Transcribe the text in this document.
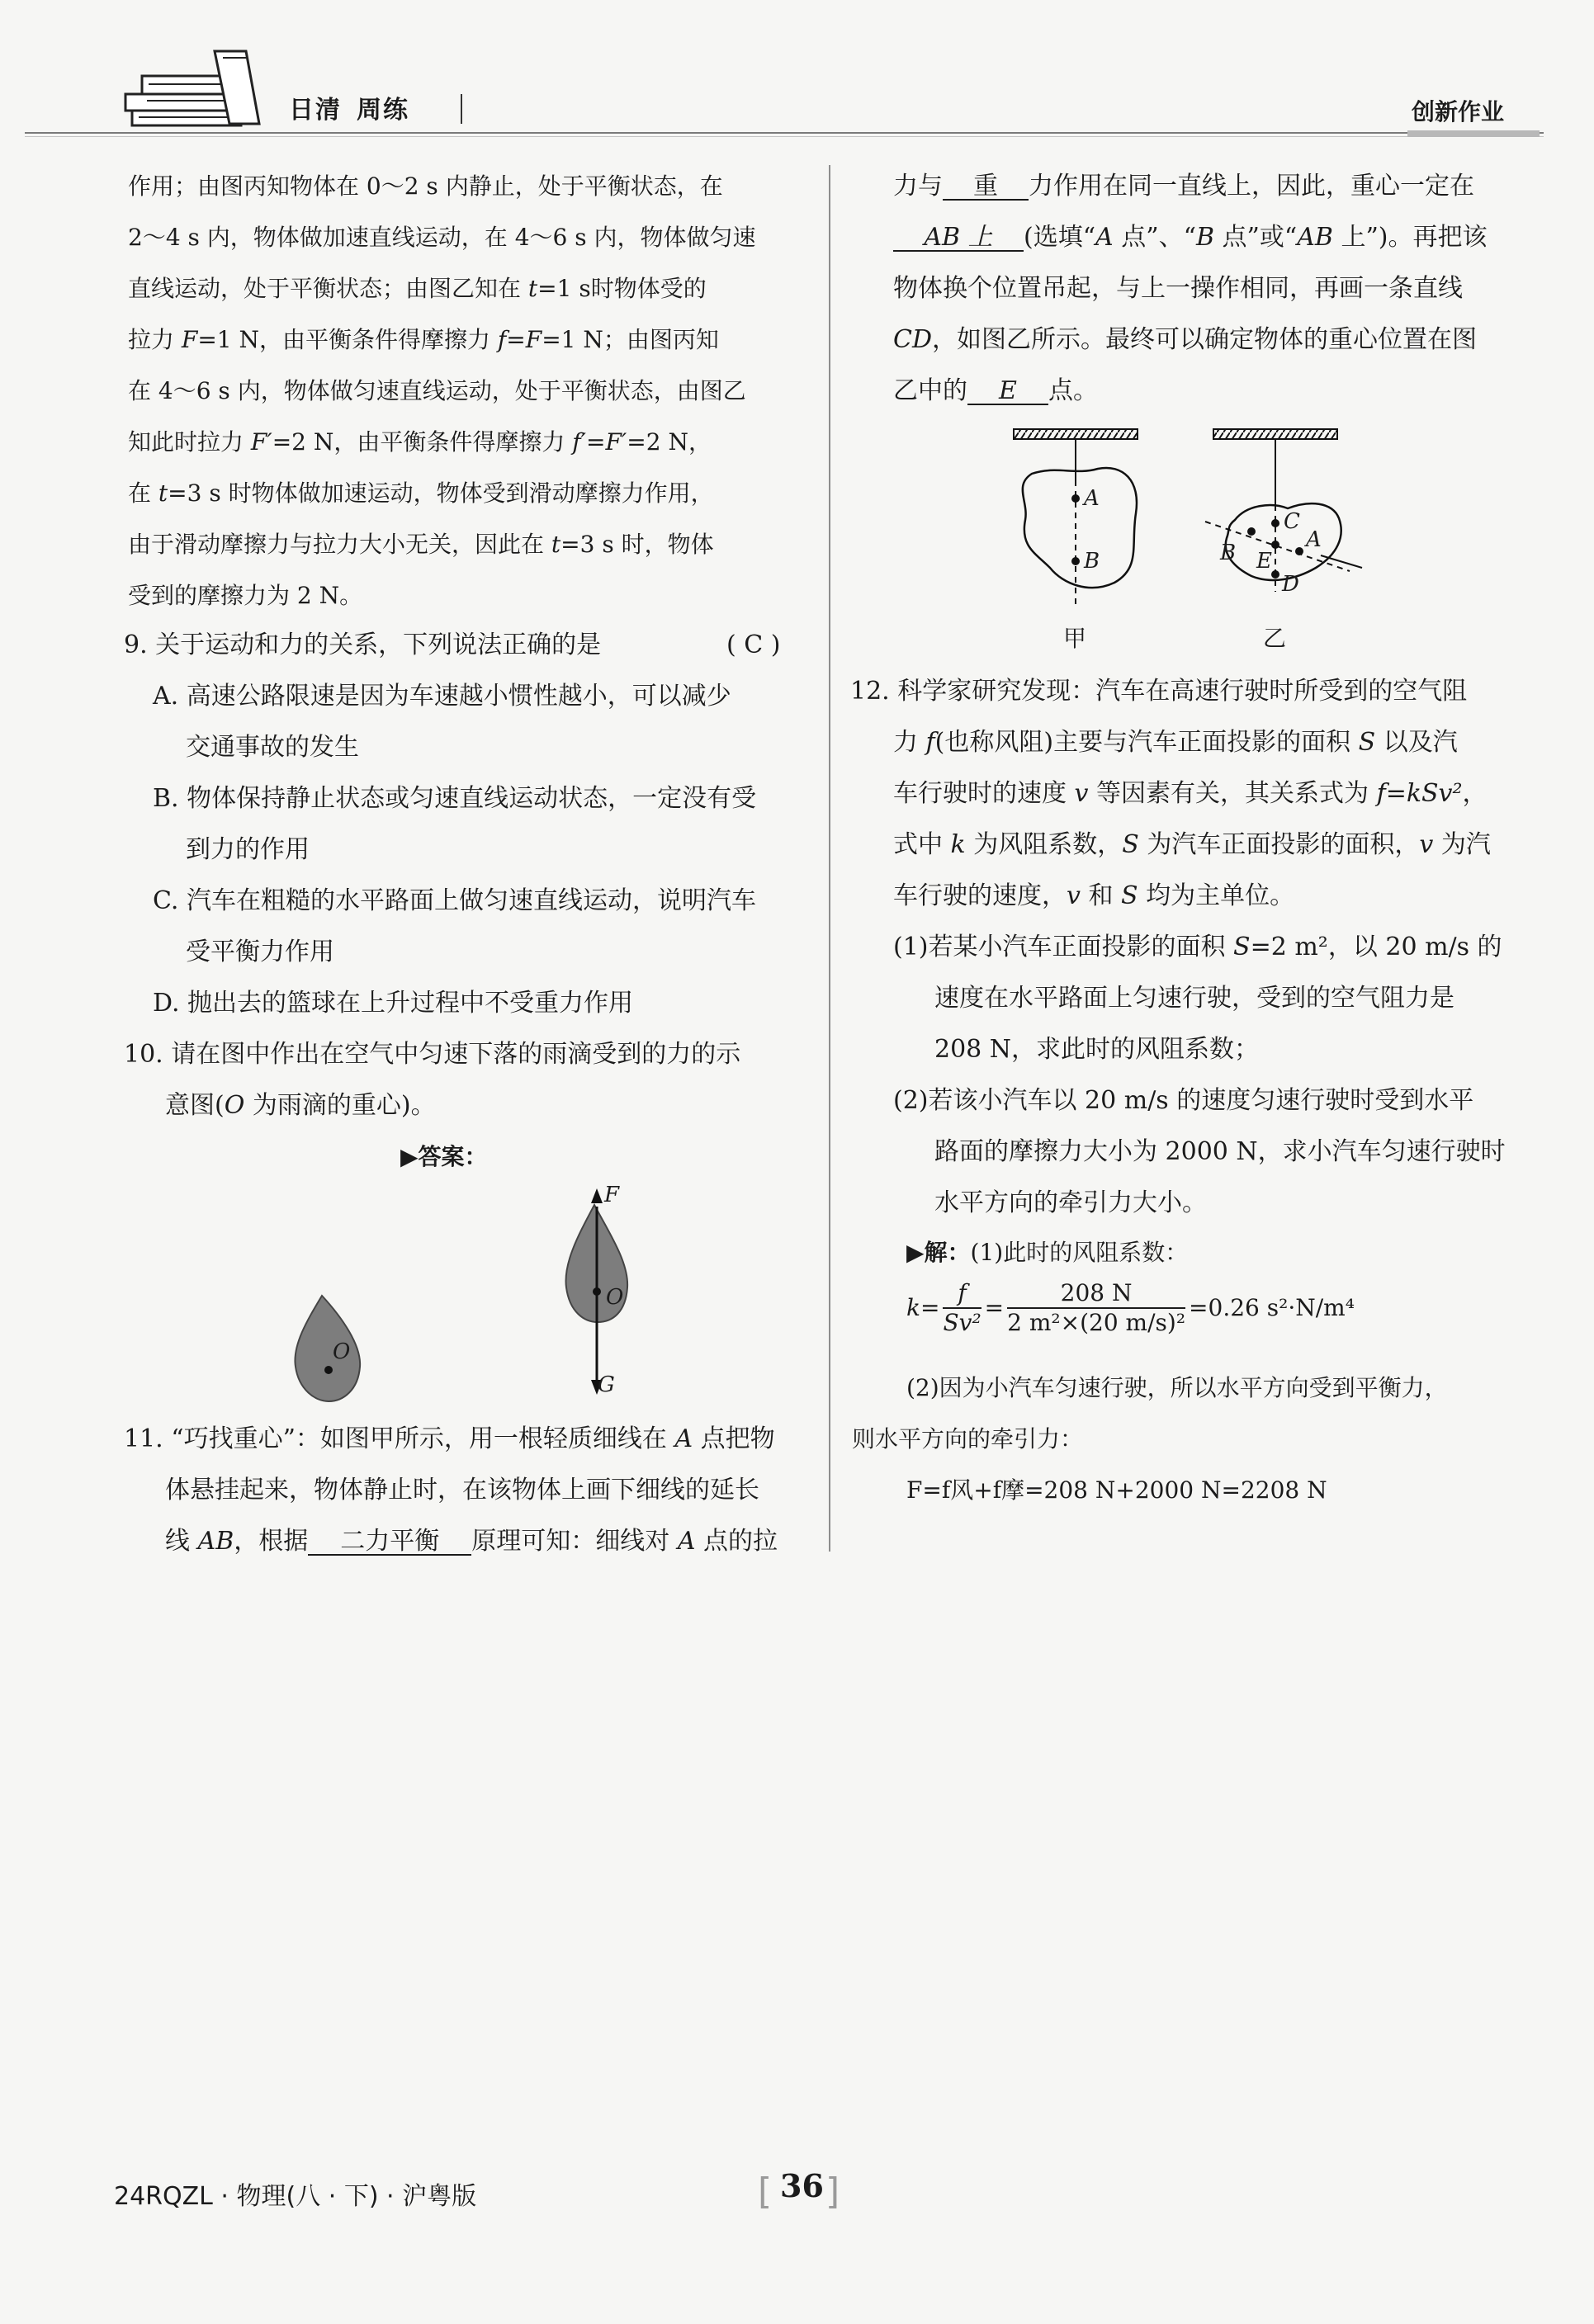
日清 周练	创新作业
作用；由图丙知物体在 0～2 s 内静止，处于平衡状态，在
2～4 s 内，物体做加速直线运动，在 4～6 s 内，物体做匀速
直线运动，处于平衡状态；由图乙知在 t=1 s时物体受的
拉力 F=1 N，由平衡条件得摩擦力 f=F=1 N；由图丙知
在 4～6 s 内，物体做匀速直线运动，处于平衡状态，由图乙
知此时拉力 F′=2 N，由平衡条件得摩擦力 f′=F′=2 N，
在 t=3 s 时物体做加速运动，物体受到滑动摩擦力作用，
由于滑动摩擦力与拉力大小无关，因此在 t=3 s 时，物体
受到的摩擦力为 2 N。
9. 关于运动和力的关系，下列说法正确的是	( C )
A. 高速公路限速是因为车速越小惯性越小，可以减少
交通事故的发生
B. 物体保持静止状态或匀速直线运动状态，一定没有受
到力的作用
C. 汽车在粗糙的水平路面上做匀速直线运动，说明汽车
受平衡力作用
D. 抛出去的篮球在上升过程中不受重力作用
10. 请在图中作出在空气中匀速下落的雨滴受到的力的示
意图(O 为雨滴的重心)。
▶答案：
O
O
F
G
11. “巧找重心”：如图甲所示，用一根轻质细线在 A 点把物
体悬挂起来，物体静止时，在该物体上画下细线的延长
线 AB，根据 二力平衡 原理可知：细线对 A 点的拉
力与 重 力作用在同一直线上，因此，重心一定在
AB 上 (选填“A 点”、“B 点”或“AB 上”)。再把该
物体换个位置吊起，与上一操作相同，再画一条直线
CD，如图乙所示。最终可以确定物体的重心位置在图
乙中的 E 点。
A
B
C
B E
A
D
甲	乙
12. 科学家研究发现：汽车在高速行驶时所受到的空气阻
力 f(也称风阻)主要与汽车正面投影的面积 S 以及汽
车行驶时的速度 v 等因素有关，其关系式为 f=kSv²，
式中 k 为风阻系数，S 为汽车正面投影的面积，v 为汽
车行驶的速度，v 和 S 均为主单位。
(1)若某小汽车正面投影的面积 S=2 m²，以 20 m/s 的
速度在水平路面上匀速行驶，受到的空气阻力是
208 N，求此时的风阻系数；
(2)若该小汽车以 20 m/s 的速度匀速行驶时受到水平
路面的摩擦力大小为 2000 N，求小汽车匀速行驶时
水平方向的牵引力大小。
▶解：(1)此时的风阻系数：
$k= \frac{f}{\text{Sv²}} = \frac{208 N}{\text{2 m²×(20 m/s)²}} =0.26$ s²·N/m⁴
(2)因为小汽车匀速行驶，所以水平方向受到平衡力，
则水平方向的牵引力：
F=f风+f摩=208 N+2000 N=2208 N
24RQZL · 物理(八 · 下) · 沪粤版	[ 36 ]
